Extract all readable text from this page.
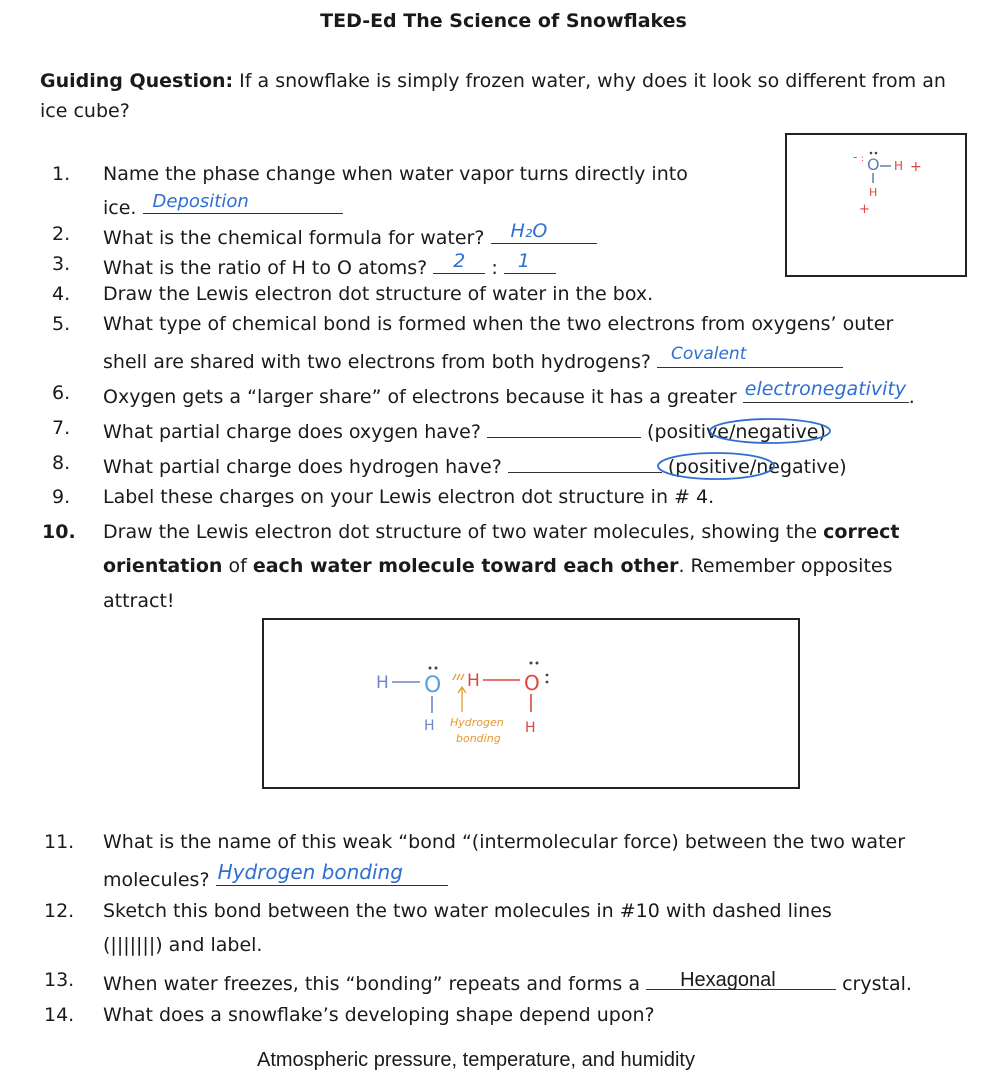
TED-Ed The Science of Snowflakes
Guiding Question: If a snowflake is simply frozen water, why does it look so different from an
ice cube?
- : O H +
H
+
1. Name the phase change when water vapor turns directly into
ice. Deposition
2. What is the chemical formula for water? H₂O
3. What is the ratio of H to O atoms? 2 : 1
4. Draw the Lewis electron dot structure of water in the box.
5. What type of chemical bond is formed when the two electrons from oxygens’ outer
shell are shared with two electrons from both hydrogens? Covalent
6. Oxygen gets a “larger share” of electrons because it has a greater electronegativity .
7. What partial charge does oxygen have?	(positive/negative)
8. What partial charge does hydrogen have?	(positive/negative)
9. Label these charges on your Lewis electron dot structure in # 4.
10. Draw the Lewis electron dot structure of two water molecules, showing the correct
orientation of each water molecule toward each other. Remember opposites
attract!
H O H O
H
H Hydrogen
bonding
11. What is the name of this weak “bond “(intermolecular force) between the two water
molecules? Hydrogen bonding
12. Sketch this bond between the two water molecules in #10 with dashed lines
(|||||||) and label.
13. When water freezes, this “bonding” repeats and forms a Hexagonal	crystal.
14. What does a snowflake’s developing shape depend upon?
Atmospheric pressure, temperature, and humidity
